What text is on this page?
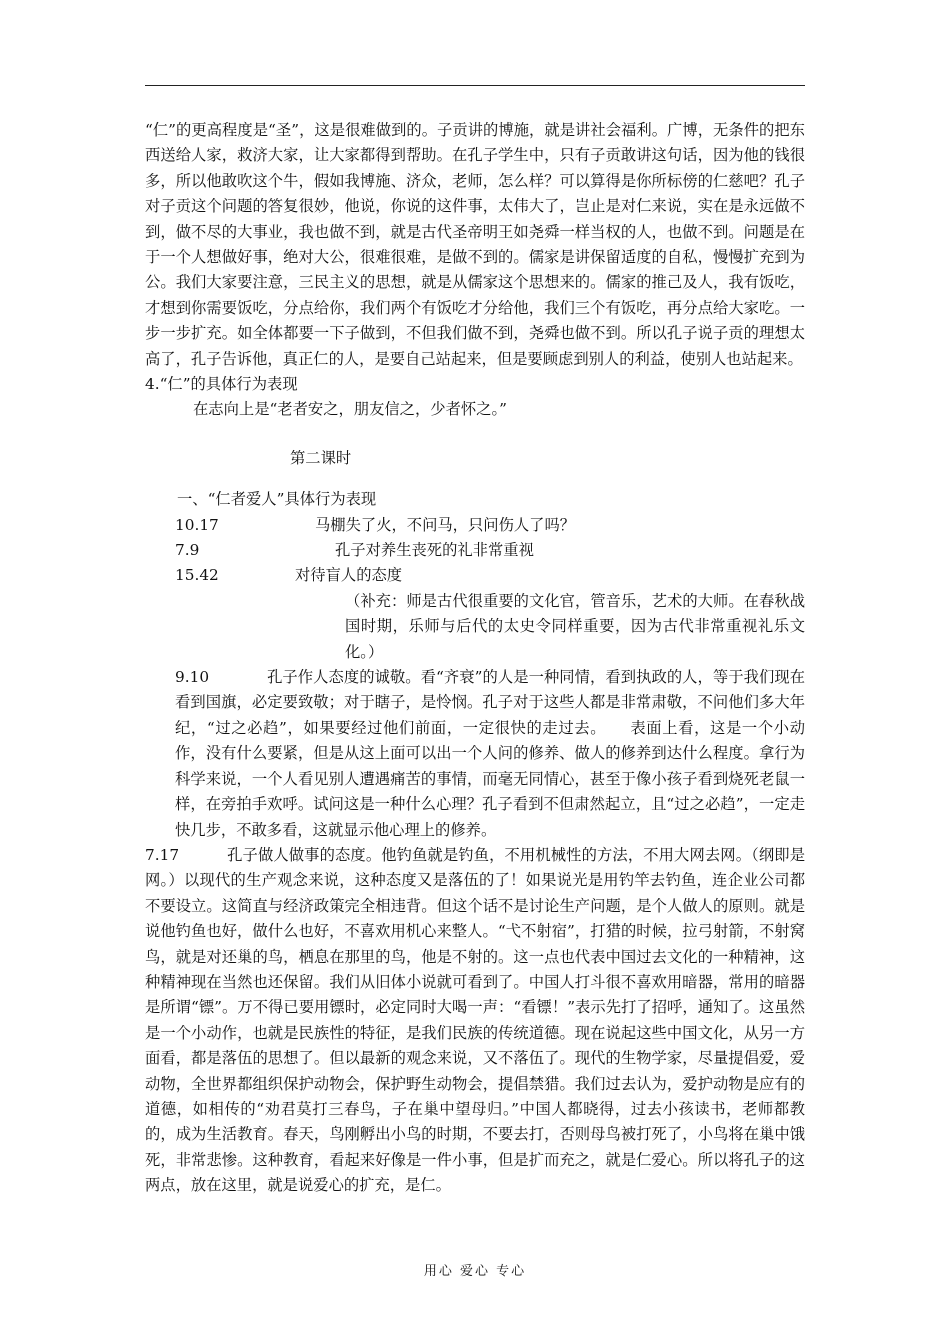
“仁”的更高程度是“圣”，这是很难做到的。子贡讲的博施，就是讲社会福利。广博，无条件的把东西送给人家，救济大家，让大家都得到帮助。在孔子学生中，只有子贡敢讲这句话，因为他的钱很多，所以他敢吹这个牛，假如我博施、济众，老师，怎么样？可以算得是你所标傍的仁慈吧？孔子对子贡这个问题的答复很妙，他说，你说的这件事，太伟大了，岂止是对仁来说，实在是永远做不到，做不尽的大事业，我也做不到，就是古代圣帝明王如尧舜一样当权的人，也做不到。问题是在于一个人想做好事，绝对大公，很难很难，是做不到的。儒家是讲保留适度的自私，慢慢扩充到为公。我们大家要注意，三民主义的思想，就是从儒家这个思想来的。儒家的推己及人，我有饭吃，才想到你需要饭吃，分点给你，我们两个有饭吃才分给他，我们三个有饭吃，再分点给大家吃。一步一步扩充。如全体都要一下子做到，不但我们做不到，尧舜也做不到。所以孔子说子贡的理想太高了，孔子告诉他，真正仁的人，是要自己站起来，但是要顾虑到别人的利益，使别人也站起来。

4.“仁”的具体行为表现

在志向上是“老者安之，朋友信之，少者怀之。”

第二课时

一、“仁者爱人”具体行为表现

10.17	马棚失了火，不问马，只问伤人了吗？
7.9	孔子对养生丧死的礼非常重视
15.42	对待盲人的态度

（补充：师是古代很重要的文化官，管音乐，艺术的大师。在春秋战国时期，乐师与后代的太史令同样重要，因为古代非常重视礼乐文化。）

9.10	孔子作人态度的诚敬。看“齐衰”的人是一种同情，看到执政的人，等于我们现在看到国旗，必定要致敬；对于瞎子，是怜悯。孔子对于这些人都是非常肃敬，不问他们多大年纪，“过之必趋”，如果要经过他们前面，一定很快的走过去。　　表面上看，这是一个小动作，没有什么要紧，但是从这上面可以出一个人问的修养、做人的修养到达什么程度。拿行为科学来说，一个人看见别人遭遇痛苦的事情，而毫无同情心，甚至于像小孩子看到烧死老鼠一样，在旁拍手欢呼。试问这是一种什么心理？孔子看到不但肃然起立，且“过之必趋”，一定走快几步，不敢多看，这就显示他心理上的修养。

7.17	孔子做人做事的态度。他钓鱼就是钓鱼，不用机械性的方法，不用大网去网。（纲即是网。）以现代的生产观念来说，这种态度又是落伍的了！如果说光是用钓竿去钓鱼，连企业公司都不要设立。这简直与经济政策完全相违背。但这个话不是讨论生产问题，是个人做人的原则。就是说他钓鱼也好，做什么也好，不喜欢用机心来整人。“弋不射宿”，打猎的时候，拉弓射箭，不射窝鸟，就是对还巢的鸟，栖息在那里的鸟，他是不射的。这一点也代表中国过去文化的一种精神，这种精神现在当然也还保留。我们从旧体小说就可看到了。中国人打斗很不喜欢用暗器，常用的暗器是所谓“镖”。万不得已要用镖时，必定同时大喝一声：“看镖！”表示先打了招呼，通知了。这虽然是一个小动作，也就是民族性的特征，是我们民族的传统道德。现在说起这些中国文化，从另一方面看，都是落伍的思想了。但以最新的观念来说，又不落伍了。现代的生物学家，尽量提倡爱，爱动物，全世界都组织保护动物会，保护野生动物会，提倡禁猎。我们过去认为，爱护动物是应有的道德，如相传的“劝君莫打三春鸟，子在巢中望母归。”中国人都晓得，过去小孩读书，老师都教的，成为生活教育。春天，鸟刚孵出小鸟的时期，不要去打，否则母鸟被打死了，小鸟将在巢中饿死，非常悲惨。这种教育，看起来好像是一件小事，但是扩而充之，就是仁爱心。所以将孔子的这两点，放在这里，就是说爱心的扩充，是仁。

用心 爱心 专心
